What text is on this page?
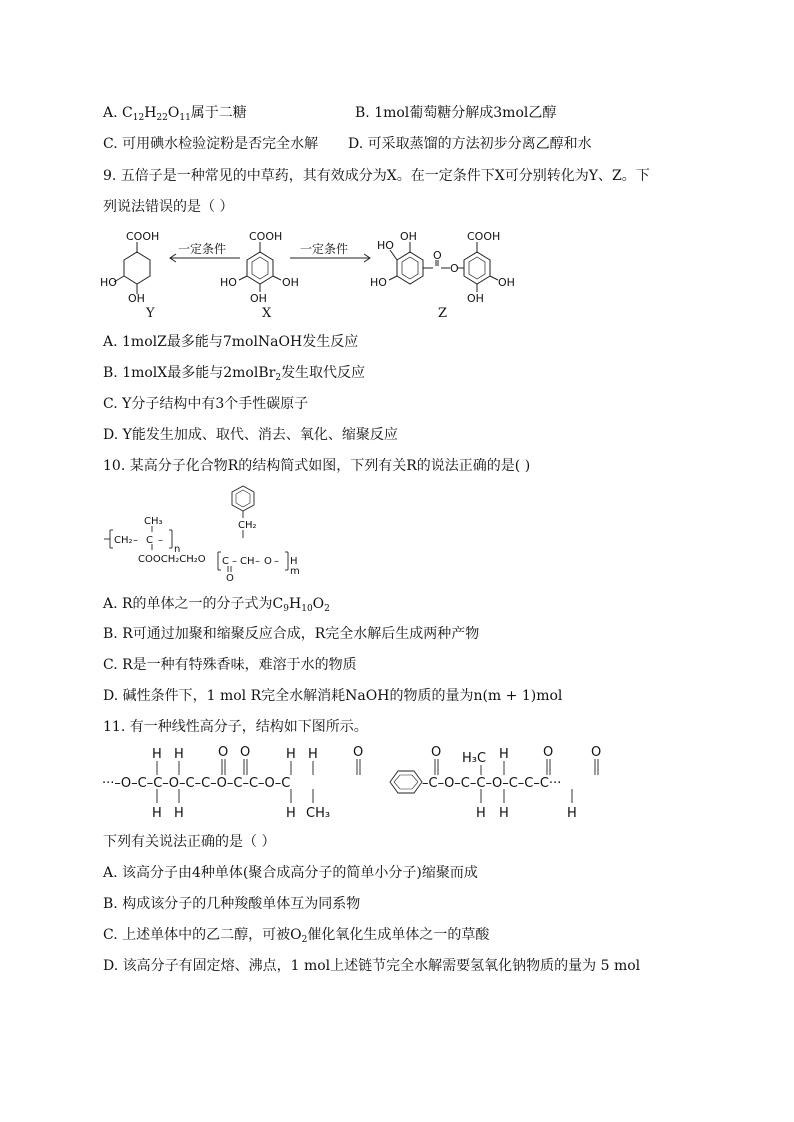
A. $C_{12}H_{22}O_{11}$属于二糖	B. 1mol葡萄糖分解成3mol乙醇
C. 可用碘水检验淀粉是否完全水解 D. 可采取蒸馏的方法初步分离乙醇和水
9. 五倍子是一种常见的中草药，其有效成分为X。在一定条件下X可分别转化为Y、Z。下
列说法错误的是（ ）
COOH
HO
OH
COOH
HO	OH
OH
HO
OH
HO
O
O
COOH
OH
OH
一定条件	一定条件
Y	X	Z
A. 1molZ最多能与7molNaOH发生反应
B. 1molX最多能与2molBr$_2$发生取代反应
C. Y分子结构中有3个手性碳原子
D. Y能发生加成、取代、消去、氧化、缩聚反应
10. 某高分子化合物R的结构简式如图，下列有关R的说法正确的是( )
CH₃
CH₂ – C –
n
COOCH₂CH₂O C – CH – O – H
m
CH₂
O
A. R的单体之一的分子式为$C_9H_{10}O_2$
B. R可通过加聚和缩聚反应合成，R完全水解后生成两种产物
C. R是一种有特殊香味，难溶于水的物质
D. 碱性条件下，1 mol R完全水解消耗NaOH的物质的量为n(m + 1)mol
11. 有一种线性高分子，结构如下图所示。
H H	O O	H H	O	O H₃C H	O	O
···–O–C–C–O–C–C–O–C–C–O–C	–C–O–C–C–O–C–C–C···
H H	H CH₃	H H	H
下列有关说法正确的是（ ）
A. 该高分子由4种单体(聚合成高分子的简单小分子)缩聚而成
B. 构成该分子的几种羧酸单体互为同系物
C. 上述单体中的乙二醇，可被$O_2$催化氧化生成单体之一的草酸
D. 该高分子有固定熔、沸点，1 mol上述链节完全水解需要氢氧化钠物质的量为 5 mol
